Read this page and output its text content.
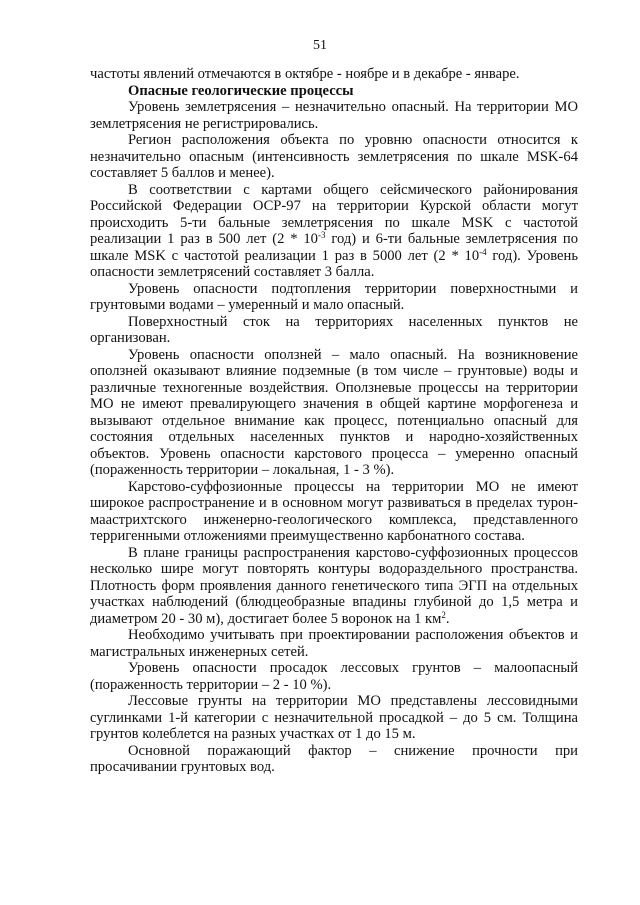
51

частоты явлений отмечаются в октябре - ноябре и в декабре - январе.

Опасные геологические процессы

Уровень землетрясения – незначительно опасный. На территории МО землетрясения не регистрировались.

Регион расположения объекта по уровню опасности относится к незначительно опасным (интенсивность землетрясения по шкале MSK-64 составляет 5 баллов и менее).

В соответствии с картами общего сейсмического районирования Российской Федерации ОСР-97 на территории Курской области могут происходить 5-ти бальные землетрясения по шкале MSK с частотой реализации 1 раз в 500 лет ($2 * 10^{-3}$ год) и 6-ти бальные землетрясения по шкале MSK с частотой реализации 1 раз в 5000 лет ($2 * 10^{-4}$ год). Уровень опасности землетрясений составляет 3 балла.

Уровень опасности подтопления территории поверхностными и грунтовыми водами – умеренный и мало опасный.

Поверхностный сток на территориях населенных пунктов не организован.

Уровень опасности оползней – мало опасный. На возникновение оползней оказывают влияние подземные (в том числе – грунтовые) воды и различные техногенные воздействия. Оползневые процессы на территории МО не имеют превалирующего значения в общей картине морфогенеза и вызывают отдельное внимание как процесс, потенциально опасный для состояния отдельных населенных пунктов и народно-хозяйственных объектов. Уровень опасности карстового процесса – умеренно опасный (пораженность территории – локальная, 1 - 3 %).

Карстово-суффозионные процессы на территории МО не имеют широкое распространение и в основном могут развиваться в пределах турон-маастрихтского инженерно-геологического комплекса, представленного терригенными отложениями преимущественно карбонатного состава.

В плане границы распространения карстово-суффозионных процессов несколько шире могут повторять контуры водораздельного пространства. Плотность форм проявления данного генетического типа ЭГП на отдельных участках наблюдений (блюдцеобразные впадины глубиной до 1,5 метра и диаметром 20 - 30 м), достигает более 5 воронок на 1 $км^2$.

Необходимо учитывать при проектировании расположения объектов и магистральных инженерных сетей.

Уровень опасности просадок лессовых грунтов – малоопасный (пораженность территории – 2 - 10 %).

Лессовые грунты на территории МО представлены лессовидными суглинками 1-й категории с незначительной просадкой – до 5 см. Толщина грунтов колеблется на разных участках от 1 до 15 м.

Основной поражающий фактор – снижение прочности при просачивании грунтовых вод.
